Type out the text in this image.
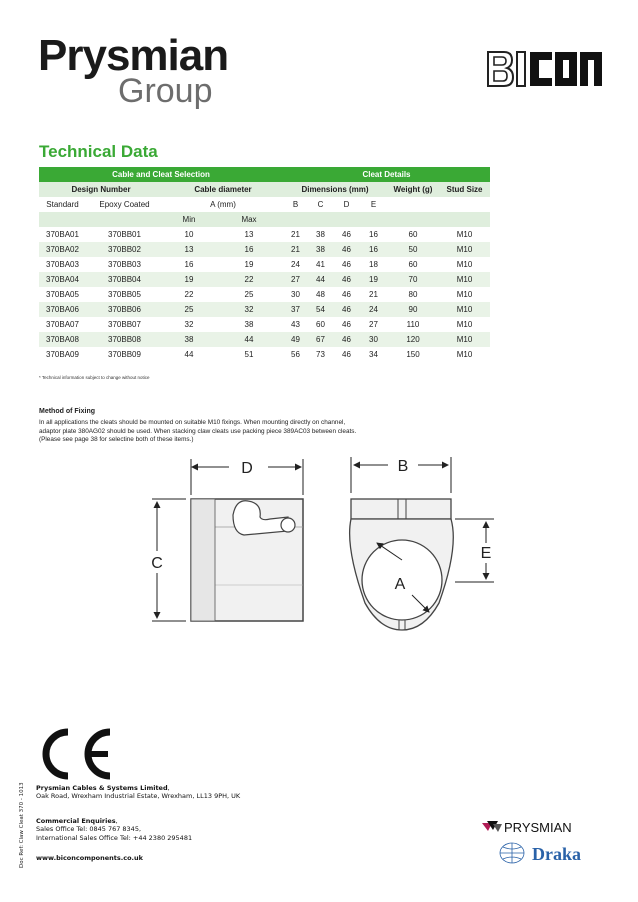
Prysmian
Group
Technical Data
Cable and Cleat Selection				Cleat Details					
Design Number		Cable diameter		Dimensions (mm)				Weight (g)	Stud Size
Standard	Epoxy Coated	A (mm)		B	C	D	E		
		Min	Max						
370BA01	370BB01	10	13	21	38	46	16	60	M10
370BA02	370BB02	13	16	21	38	46	16	50	M10
370BA03	370BB03	16	19	24	41	46	18	60	M10
370BA04	370BB04	19	22	27	44	46	19	70	M10
370BA05	370BB05	22	25	30	48	46	21	80	M10
370BA06	370BB06	25	32	37	54	46	24	90	M10
370BA07	370BB07	32	38	43	60	46	27	110	M10
370BA08	370BB08	38	44	49	67	46	30	120	M10
370BA09	370BB09	44	51	56	73	46	34	150	M10
* Technical information subject to change without notice
Method of Fixing
In all applications the cleats should be mounted on suitable M10 fixings. When mounting directly on channel,
adaptor plate 380AG02 should be used. When stacking claw cleats use packing piece 389AC03 between cleats.
(Please see page 38 for selectine both of these items.)
D
C
B
E
A
Prysmian Cables & Systems Limited,
Oak Road, Wrexham Industrial Estate, Wrexham, LL13 9PH, UK
Commercial Enquiries,
Sales Office Tel: 0845 767 8345,
International Sales Office Tel: +44 2380 295481
www.biconcomponents.co.uk
Doc Ref: Claw Cleat 370 - 1013	PRYSMIAN
Draka
